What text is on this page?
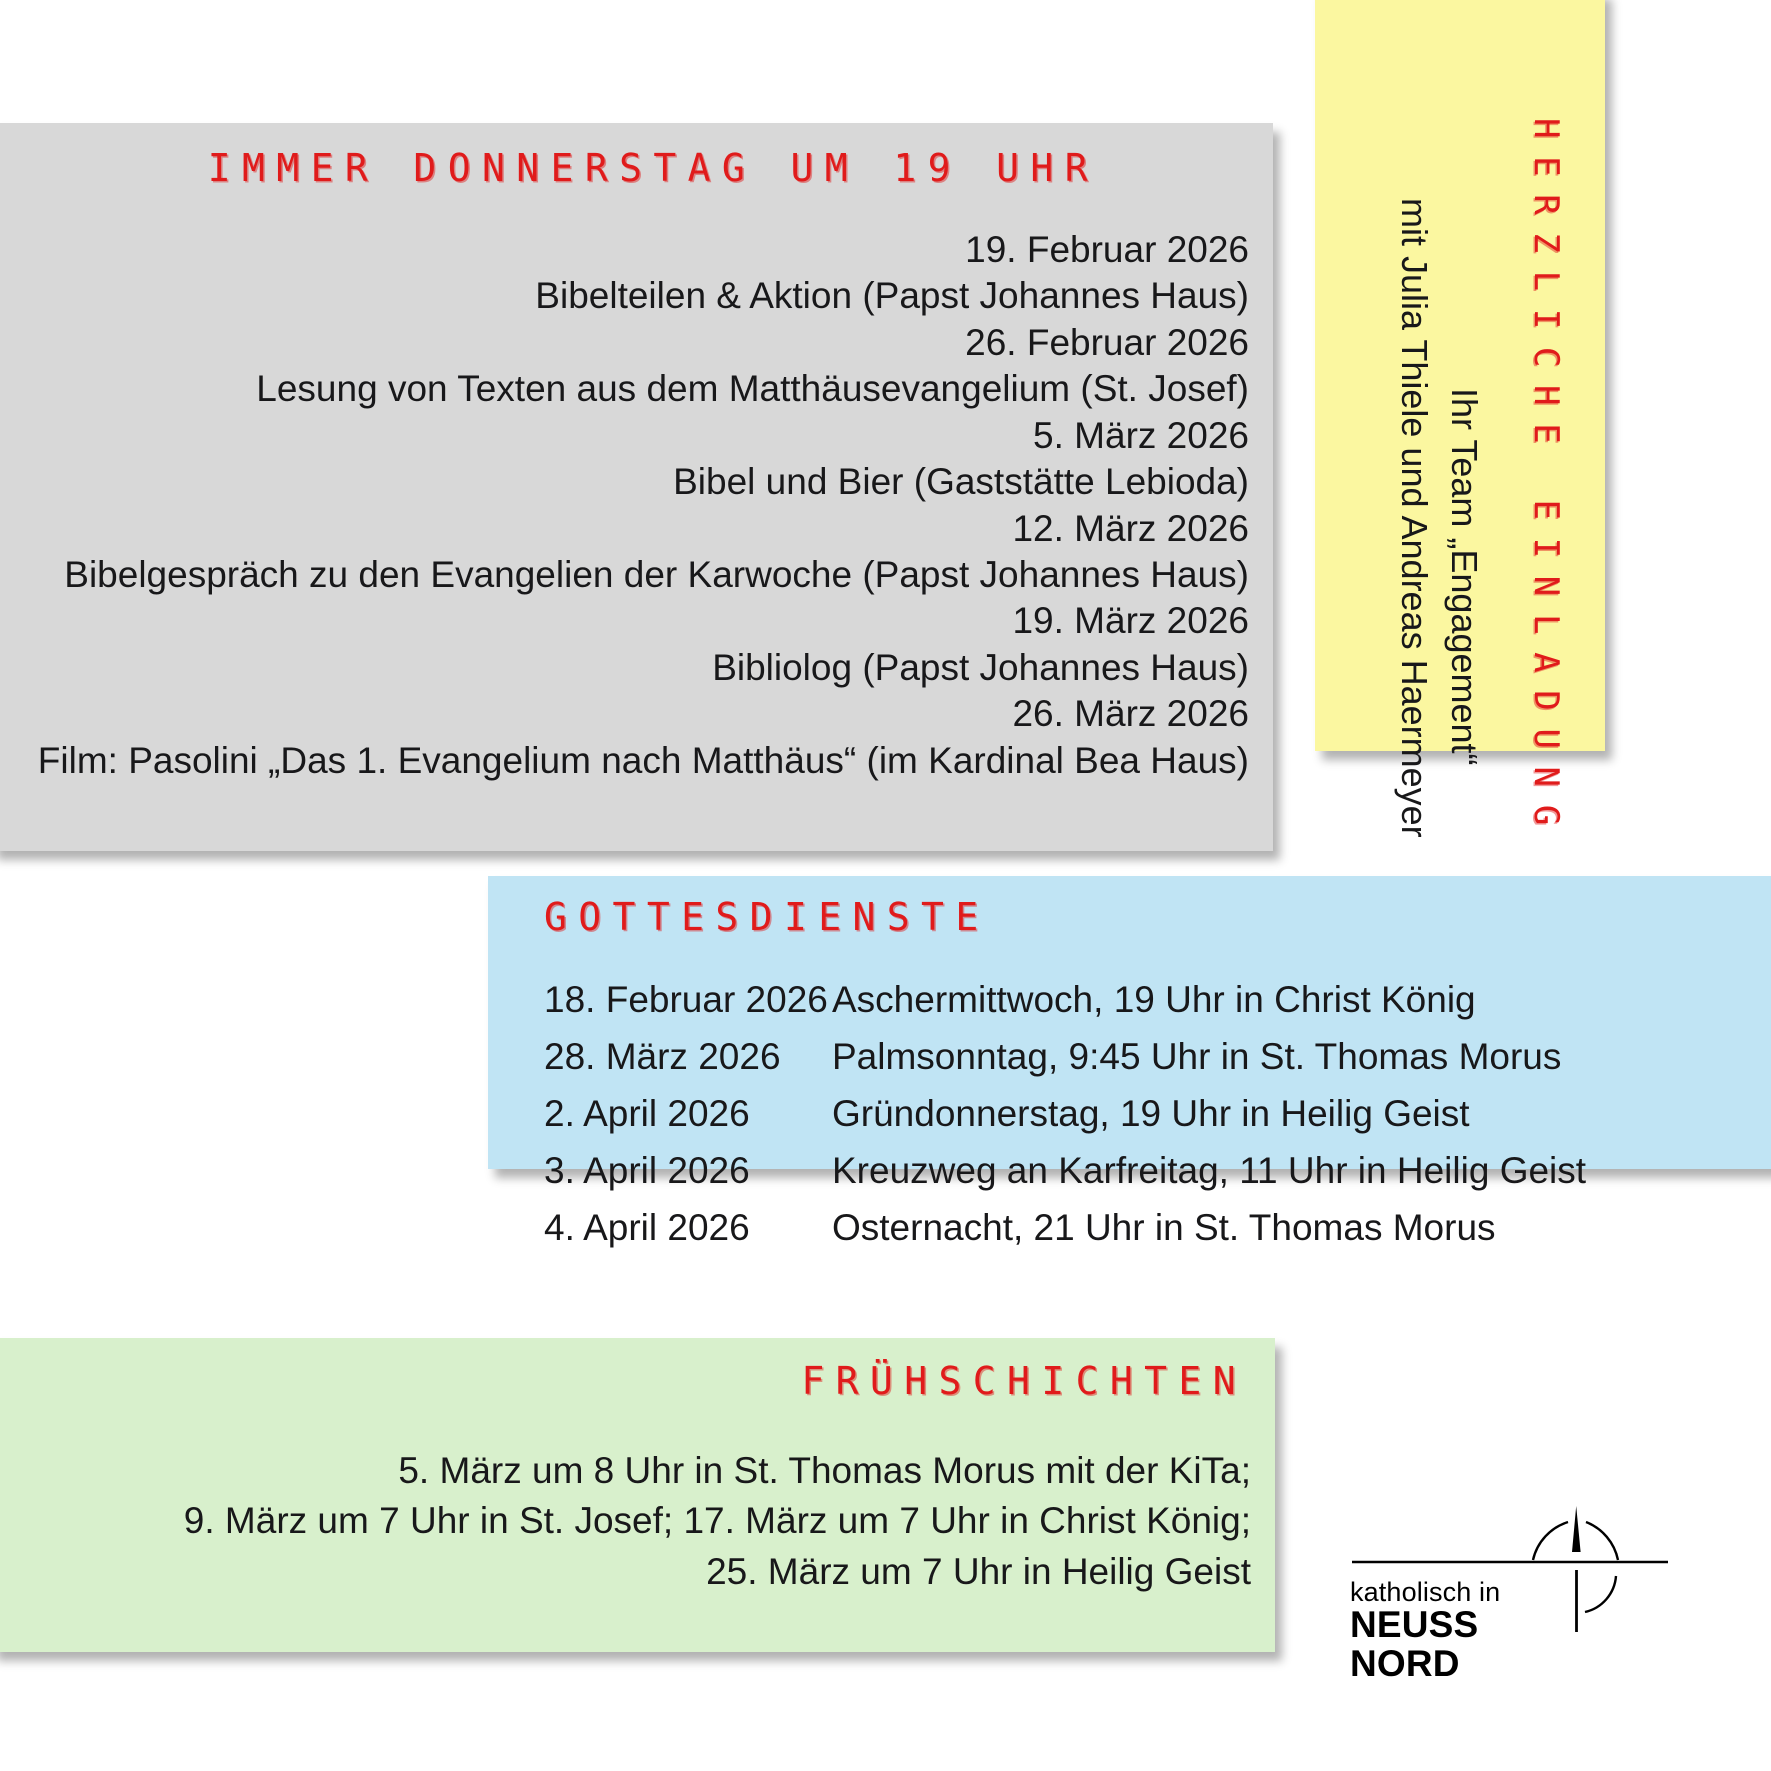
IMMER DONNERSTAG UM 19 UHR
19. Februar 2026
Bibelteilen & Aktion (Papst Johannes Haus)
26. Februar 2026
Lesung von Texten aus dem Matthäusevangelium (St. Josef)
5. März 2026
Bibel und Bier (Gaststätte Lebioda)
12. März 2026
Bibelgespräch zu den Evangelien der Karwoche (Papst Johannes Haus)
19. März 2026
Bibliolog (Papst Johannes Haus)
26. März 2026
Film: Pasolini „Das 1. Evangelium nach Matthäus“ (im Kardinal Bea Haus)	HERZLICHE EINLADUNG
Ihr Team „Engagement“
mit Julia Thiele und Andreas Haermeyer
GOTTESDIENSTE
18. Februar 2026	Aschermittwoch, 19 Uhr in Christ König
28. März 2026	Palmsonntag, 9:45 Uhr in St. Thomas Morus
2. April 2026	Gründonnerstag, 19 Uhr in Heilig Geist
3. April 2026	Kreuzweg an Karfreitag, 11 Uhr in Heilig Geist
4. April 2026	Osternacht, 21 Uhr in St. Thomas Morus
FRÜHSCHICHTEN
5. März um 8 Uhr in St. Thomas Morus mit der KiTa;
9. März um 7 Uhr in St. Josef; 17. März um 7 Uhr in Christ König;
25. März um 7 Uhr in Heilig Geist
katholisch in
NEUSS NORD
